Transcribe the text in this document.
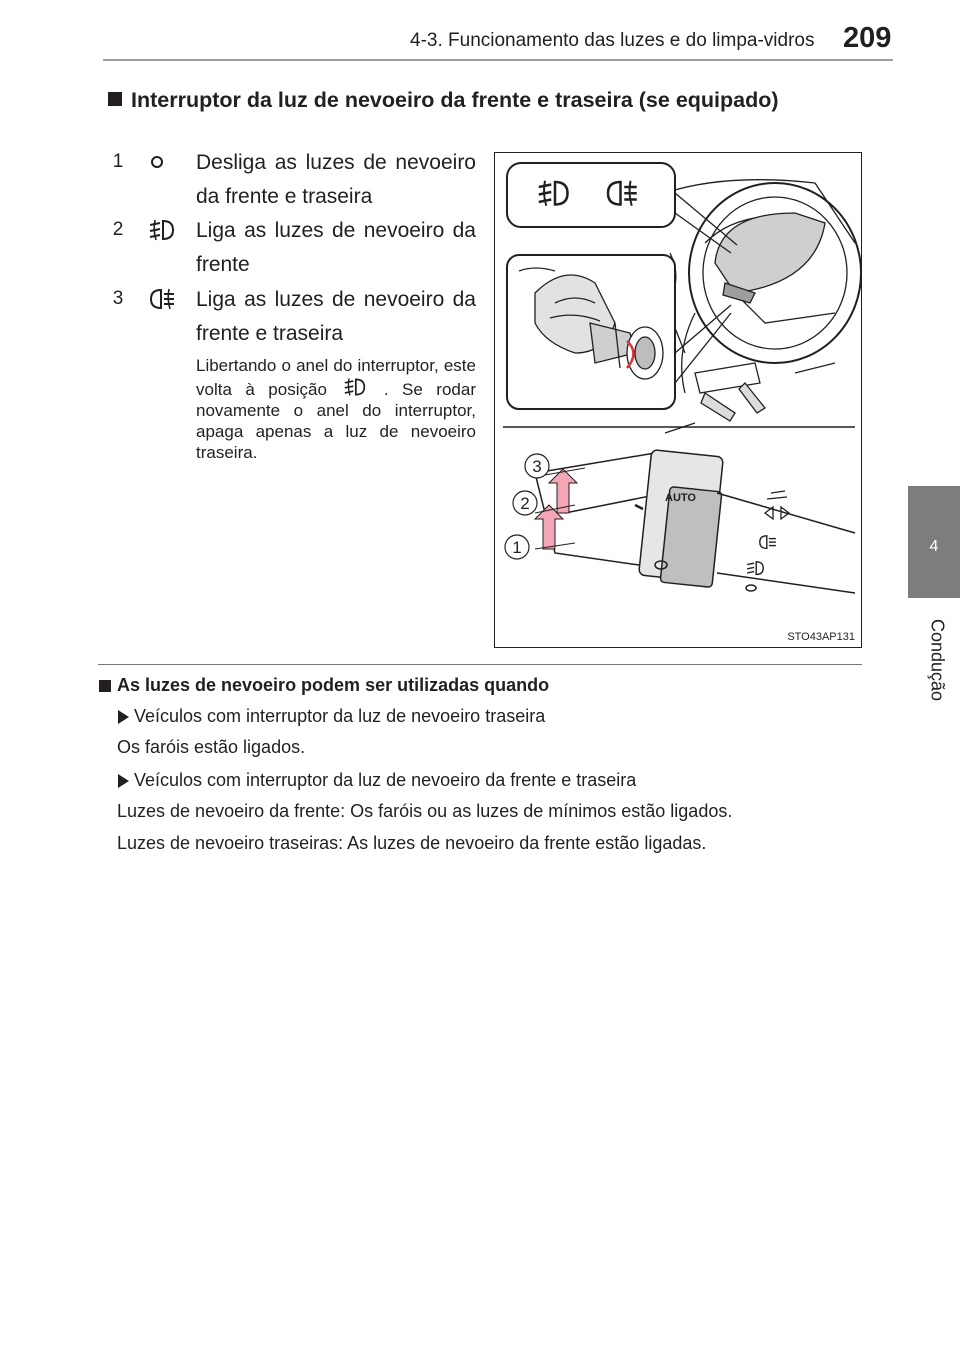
4-3. Funcionamento das luzes e do limpa-vidros 209
4
Condução
Interruptor da luz de nevoeiro da frente e traseira (se equipado)
1	Desliga as luzes de nevoeiro da frente e traseira
2	Liga as luzes de nevoeiro da frente
3	Liga as luzes de nevoeiro da frente e traseira
Libertando o anel do interruptor, este volta à posição	. Se rodar novamente o anel do interruptor, apaga apenas a luz de nevoeiro traseira.
AUTO
3
2
1
STO43AP131
As luzes de nevoeiro podem ser utilizadas quando
Veículos com interruptor da luz de nevoeiro traseira
Os faróis estão ligados.
Veículos com interruptor da luz de nevoeiro da frente e traseira
Luzes de nevoeiro da frente: Os faróis ou as luzes de mínimos estão ligados.
Luzes de nevoeiro traseiras: As luzes de nevoeiro da frente estão ligadas.
